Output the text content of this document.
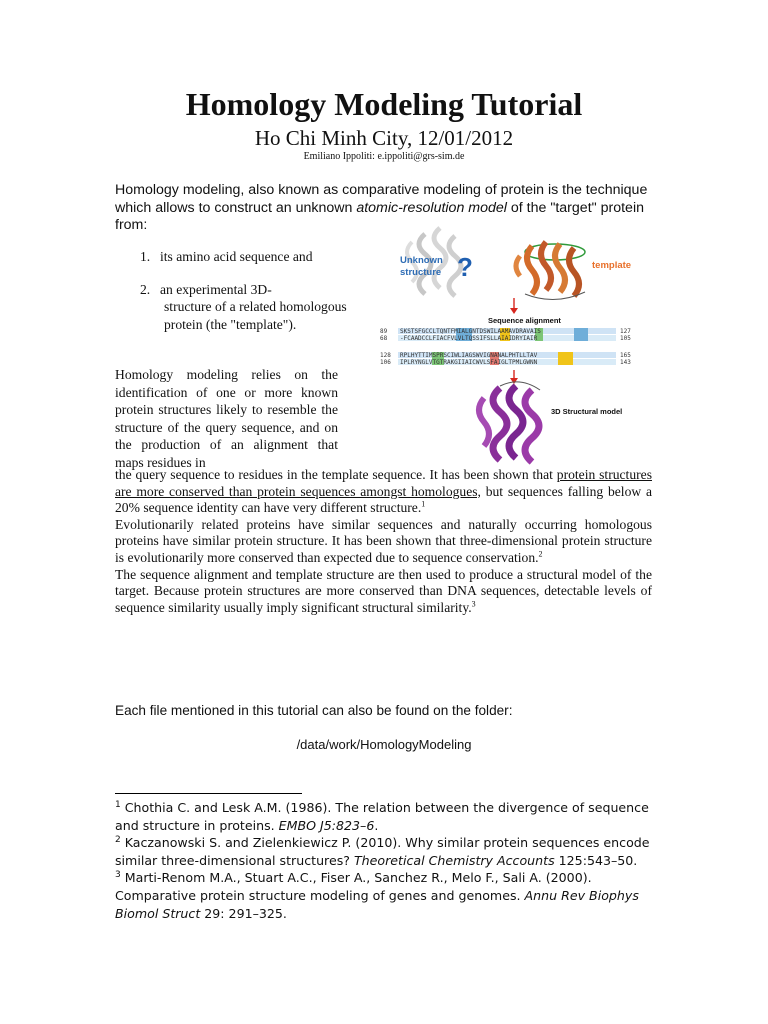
Homology Modeling Tutorial
Ho Chi Minh City, 12/01/2012
Emiliano Ippoliti: e.ippoliti@grs-sim.de
Homology modeling, also known as comparative modeling of protein is the technique which allows to construct an unknown atomic-resolution model of the "target" protein from:
1. its amino acid sequence and
2. an experimental 3D-
structure of a related homologous protein (the "template").
Homology modeling relies on the identification of one or more known protein structures likely to resemble the structure of the query sequence, and on the production of an alignment that maps residues in

the query sequence to residues in the template sequence. It has been shown that protein structures are more conserved than protein sequences amongst homologues, but sequences falling below a 20% sequence identity can have very different structure.$^1$

Evolutionarily related proteins have similar sequences and naturally occurring homologous proteins have similar protein structure. It has been shown that three-dimensional protein structure is evolutionarily more conserved than expected due to sequence conservation.$^2$

The sequence alignment and template structure are then used to produce a structural model of the target. Because protein structures are more conserved than DNA sequences, detectable levels of sequence similarity usually imply significant structural similarity.$^3$

Each file mentioned in this tutorial can also be found on the folder:
/data/work/HomologyModeling

$^1$ Chothia C. and Lesk A.M. (1986). The relation between the divergence of sequence and structure in proteins. EMBO J5:823–6.

$^2$ Kaczanowski S. and Zielenkiewicz P. (2010). Why similar protein sequences encode similar three-dimensional structures? Theoretical Chemistry Accounts 125:543–50.

$^3$ Marti-Renom M.A., Stuart A.C., Fiser A., Sanchez R., Melo F., Sali A. (2000). Comparative protein structure modeling of genes and genomes. Annu Rev Biophys Biomol Struct 29: 291–325.

Unknown
structure ?	template
Sequence alignment
89 SKSTSFGCCLTQNTFMIALGNTDSWILAAMAVDRAVAIS	127
68 -FCAADCCLFIACFVLVLTQSSIFSLLAIAIDRYIAIR	105
128 RPLHYTTIMSPRSCIWLIAGSWVIGNANALPHTLLTAV	165
106 IPLRYNGLVTGTRAKGIIAICWVLSFAIGLTPMLGWNN	143
3D Structural model
